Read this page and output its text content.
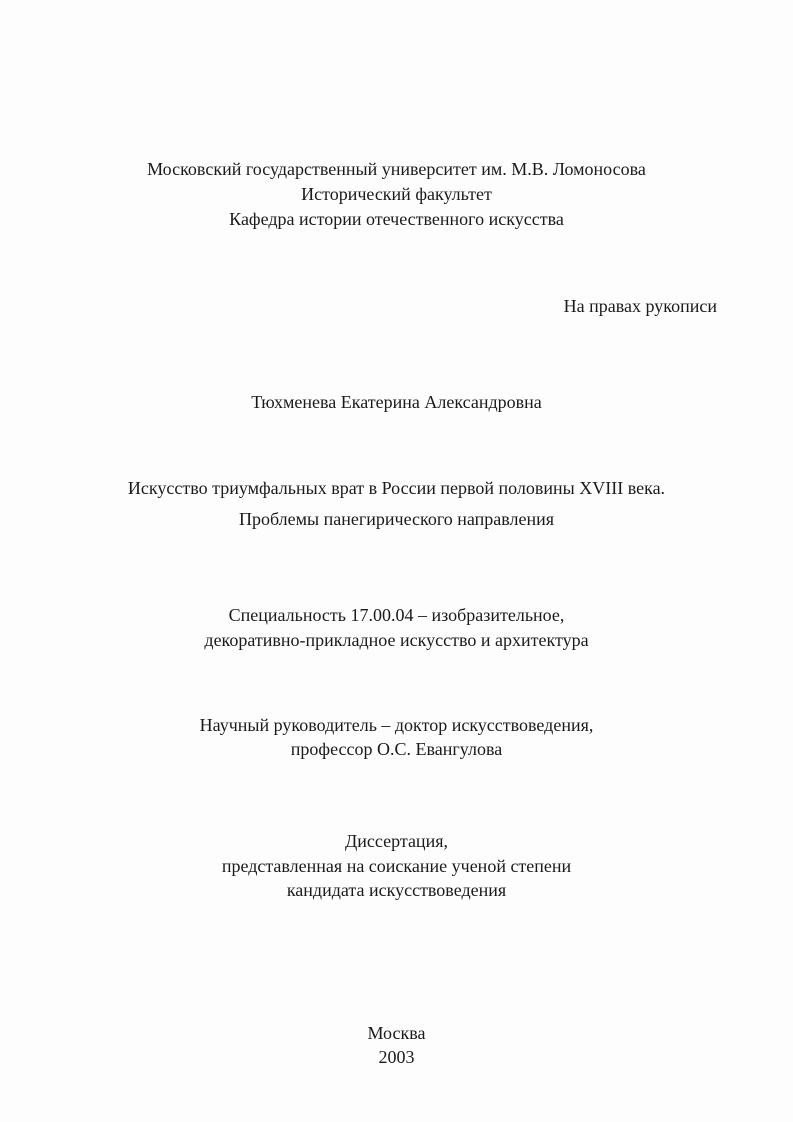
Московский государственный университет им. М.В. Ломоносова
Исторический факультет
Кафедра истории отечественного искусства
На правах рукописи
Тюхменева Екатерина Александровна
Искусство триумфальных врат в России первой половины XVIII века.
Проблемы панегирического направления
Специальность 17.00.04 – изобразительное,
декоративно-прикладное искусство и архитектура
Научный руководитель – доктор искусствоведения,
профессор О.С. Евангулова
Диссертация,
представленная на соискание ученой степени
кандидата искусствоведения
Москва
2003
